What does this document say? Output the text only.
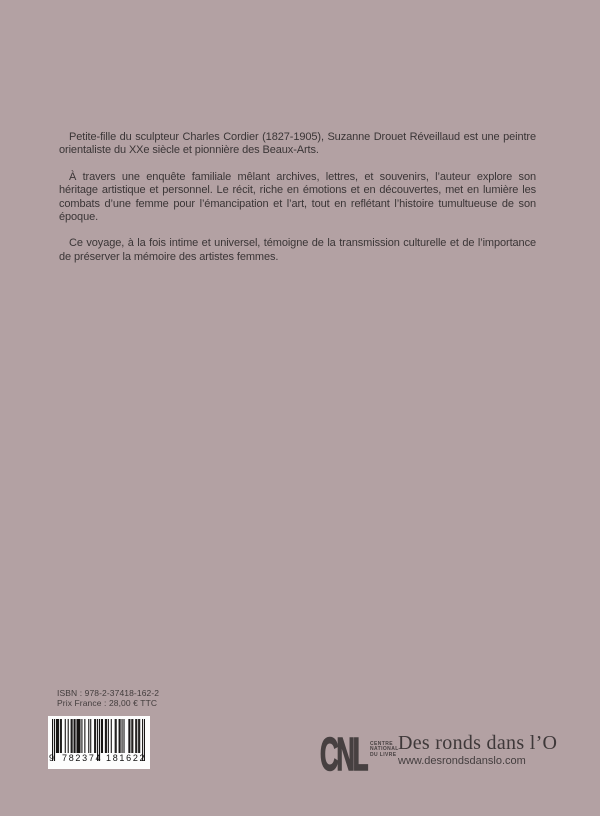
Petite-fille du sculpteur Charles Cordier (1827-1905), Suzanne Drouet Réveillaud est une peintre orientaliste du XXe siècle et pionnière des Beaux-Arts.

À travers une enquête familiale mêlant archives, lettres, et souvenirs, l’auteur explore son héritage artistique et personnel. Le récit, riche en émotions et en découvertes, met en lumière les combats d’une femme pour l’émancipation et l’art, tout en reflétant l’histoire tumultueuse de son époque.

Ce voyage, à la fois intime et universel, témoigne de la transmission culturelle et de l’importance de préserver la mémoire des artistes femmes.

ISBN : 978-2-37418-162-2
Prix France : 28,00 € TTC
9 782374 181622	CNL CENTRE
NATIONAL
DU LIVRE
Des ronds dans l’O
www.desrondsdanslo.com
